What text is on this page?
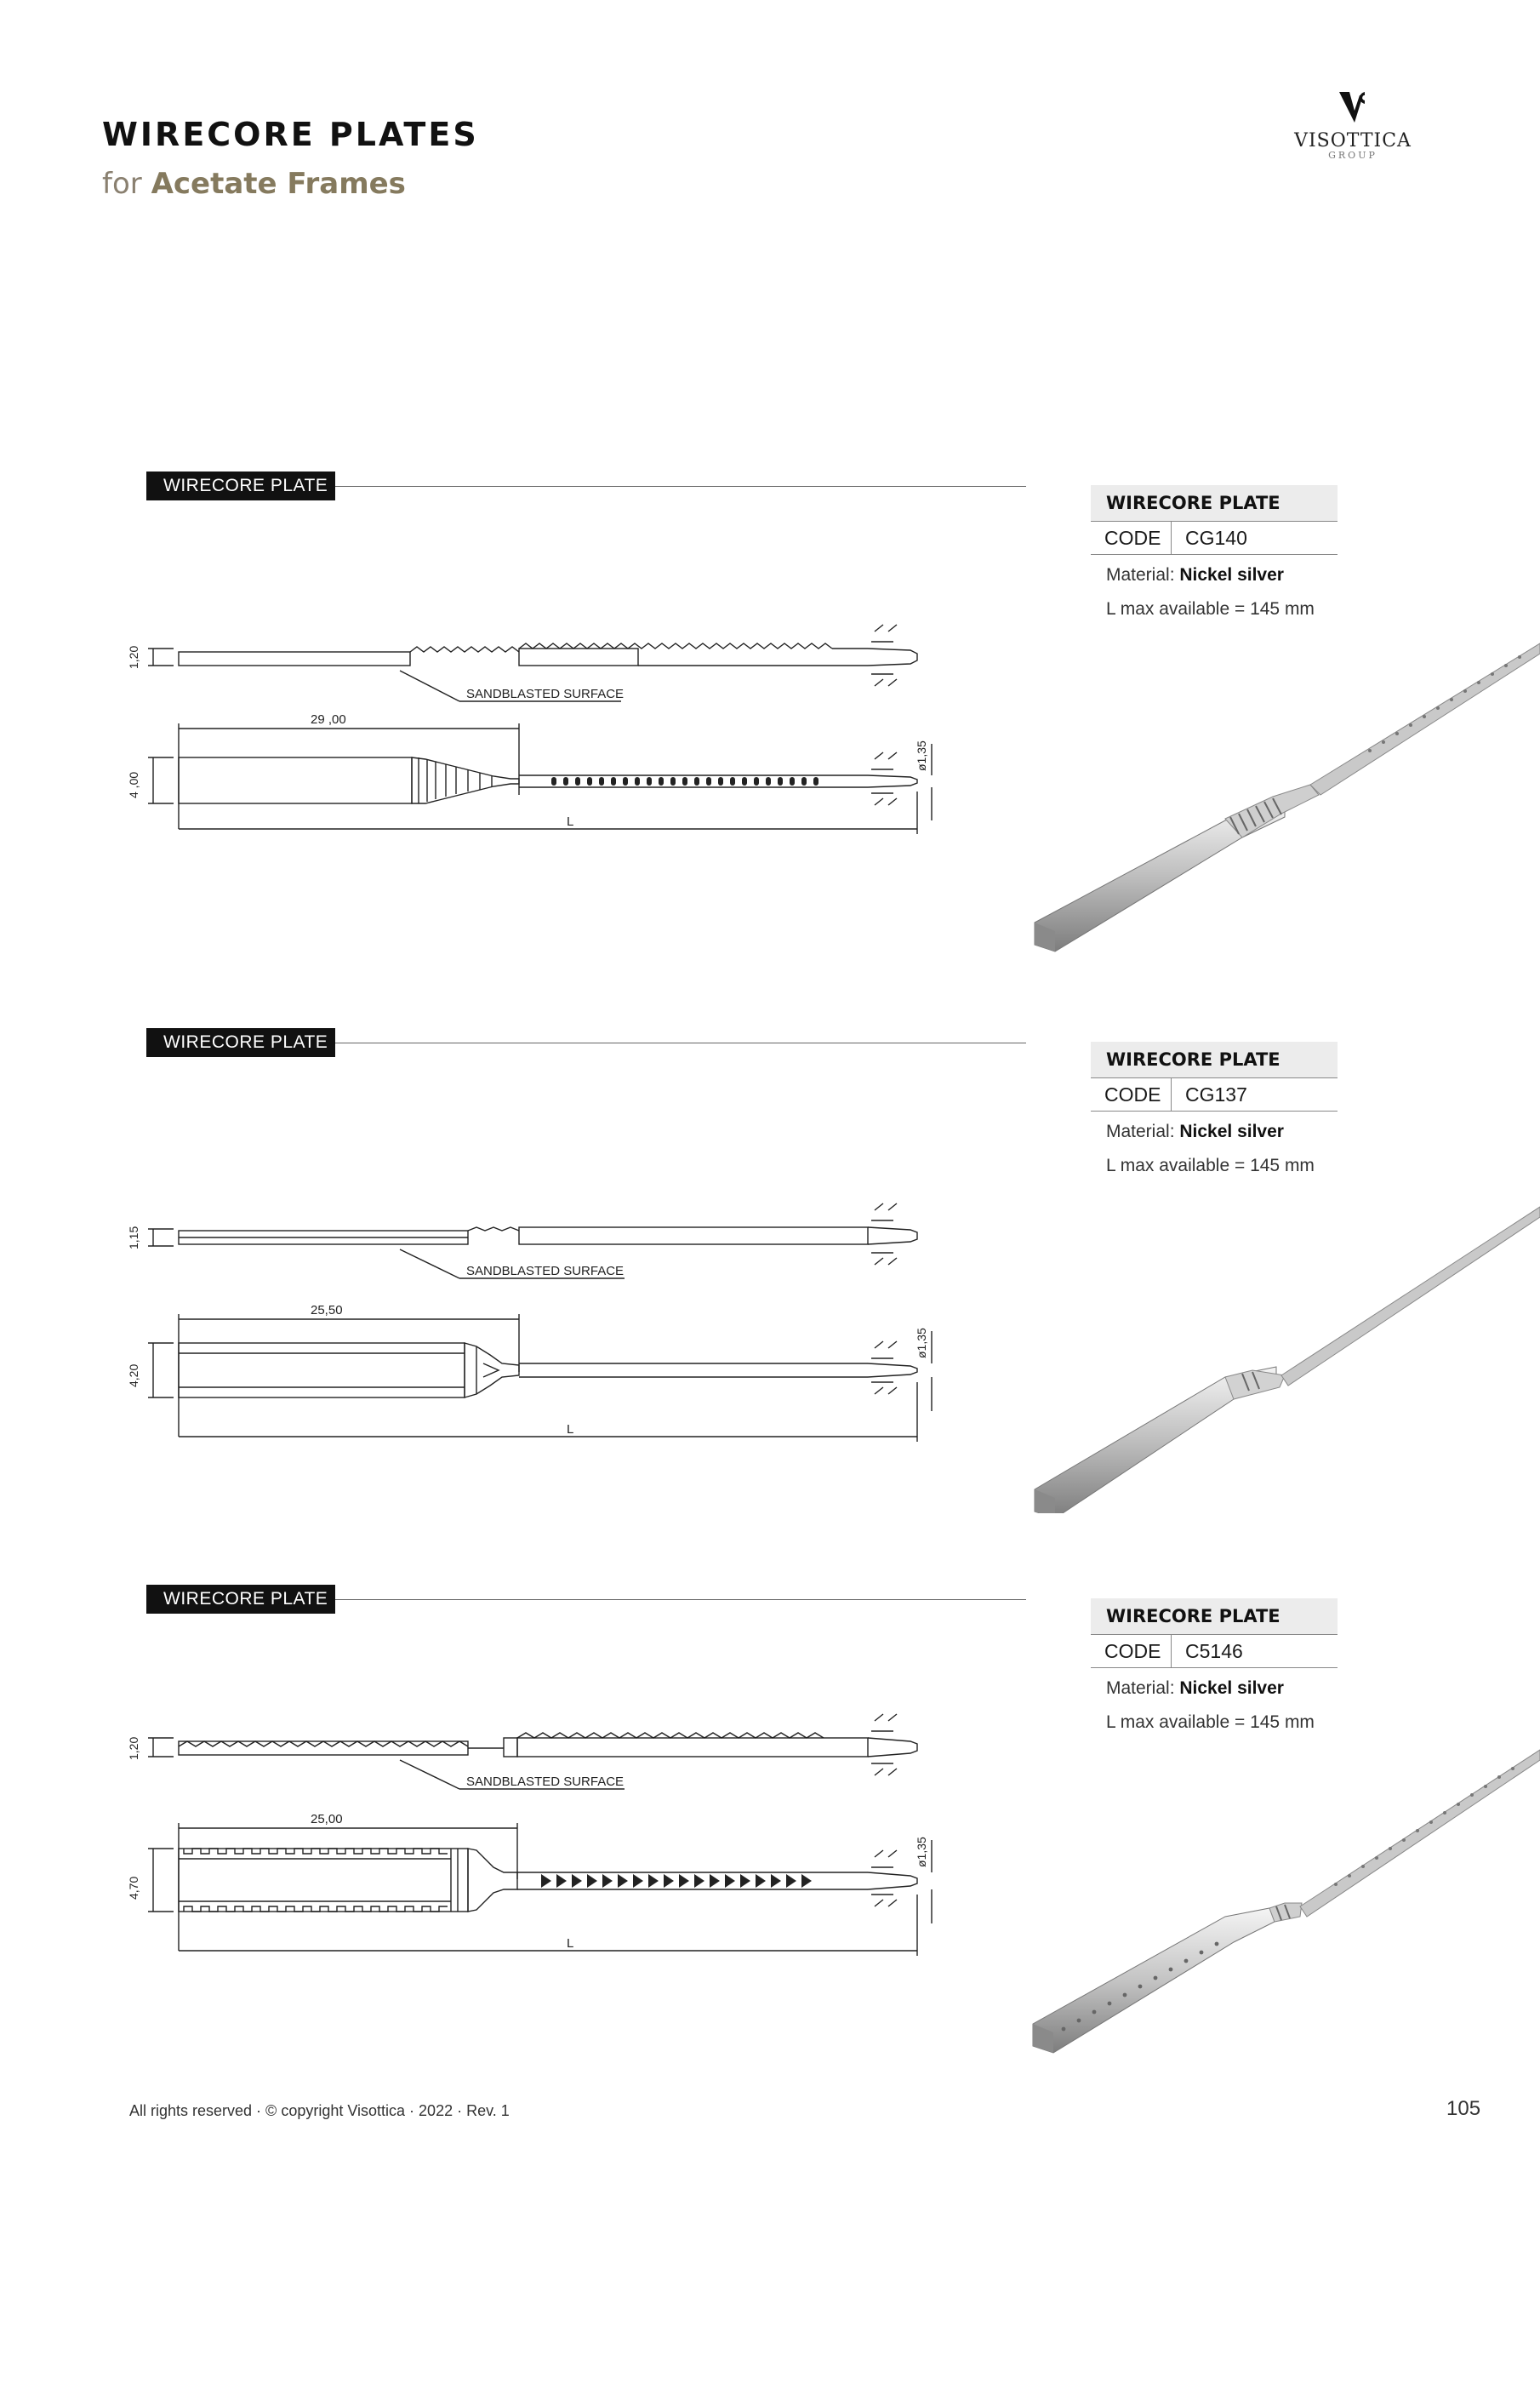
WIRECORE PLATES
for Acetate Frames
VISOTTICA
GROUP
WIRECORE PLATE
1,20
SANDBLASTED SURFACE
29 ,00
4 ,00
ø1,35
L
WIRECORE PLATE
CODE	CG140
Material: Nickel silver
L max available = 145 mm
WIRECORE PLATE
1,15
SANDBLASTED SURFACE
25,50
4,20
ø1,35
L
WIRECORE PLATE
CODE	CG137
Material: Nickel silver
L max available = 145 mm
WIRECORE PLATE
1,20
SANDBLASTED SURFACE
25,00
4,70
ø1,35
L
WIRECORE PLATE
CODE	C5146
Material: Nickel silver
L max available = 145 mm
All rights reserved · © copyright Visottica · 2022 · Rev. 1	105
